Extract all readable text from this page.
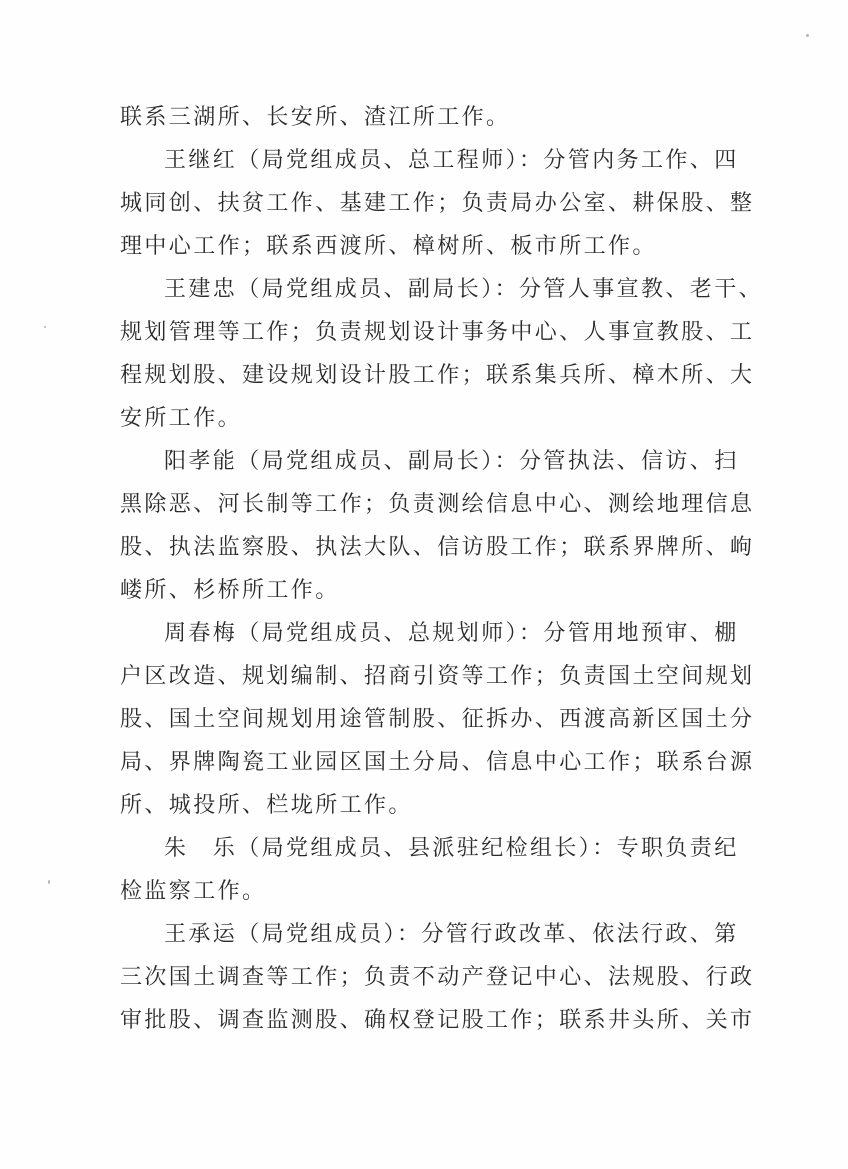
联系三湖所、长安所、渣江所工作。
王继红（局党组成员、总工程师）：分管内务工作、四
城同创、扶贫工作、基建工作；负责局办公室、耕保股、整
理中心工作；联系西渡所、樟树所、板市所工作。
王建忠（局党组成员、副局长）：分管人事宣教、老干、
规划管理等工作；负责规划设计事务中心、人事宣教股、工
程规划股、建设规划设计股工作；联系集兵所、樟木所、大
安所工作。
阳孝能（局党组成员、副局长）：分管执法、信访、扫
黑除恶、河长制等工作；负责测绘信息中心、测绘地理信息
股、执法监察股、执法大队、信访股工作；联系界牌所、岣
嵝所、杉桥所工作。
周春梅（局党组成员、总规划师）：分管用地预审、棚
户区改造、规划编制、招商引资等工作；负责国土空间规划
股、国土空间规划用途管制股、征拆办、西渡高新区国土分
局、界牌陶瓷工业园区国土分局、信息中心工作；联系台源
所、城投所、栏垅所工作。
朱　乐（局党组成员、县派驻纪检组长）：专职负责纪
检监察工作。
王承运（局党组成员）：分管行政改革、依法行政、第
三次国土调查等工作；负责不动产登记中心、法规股、行政
审批股、调查监测股、确权登记股工作；联系井头所、关市
